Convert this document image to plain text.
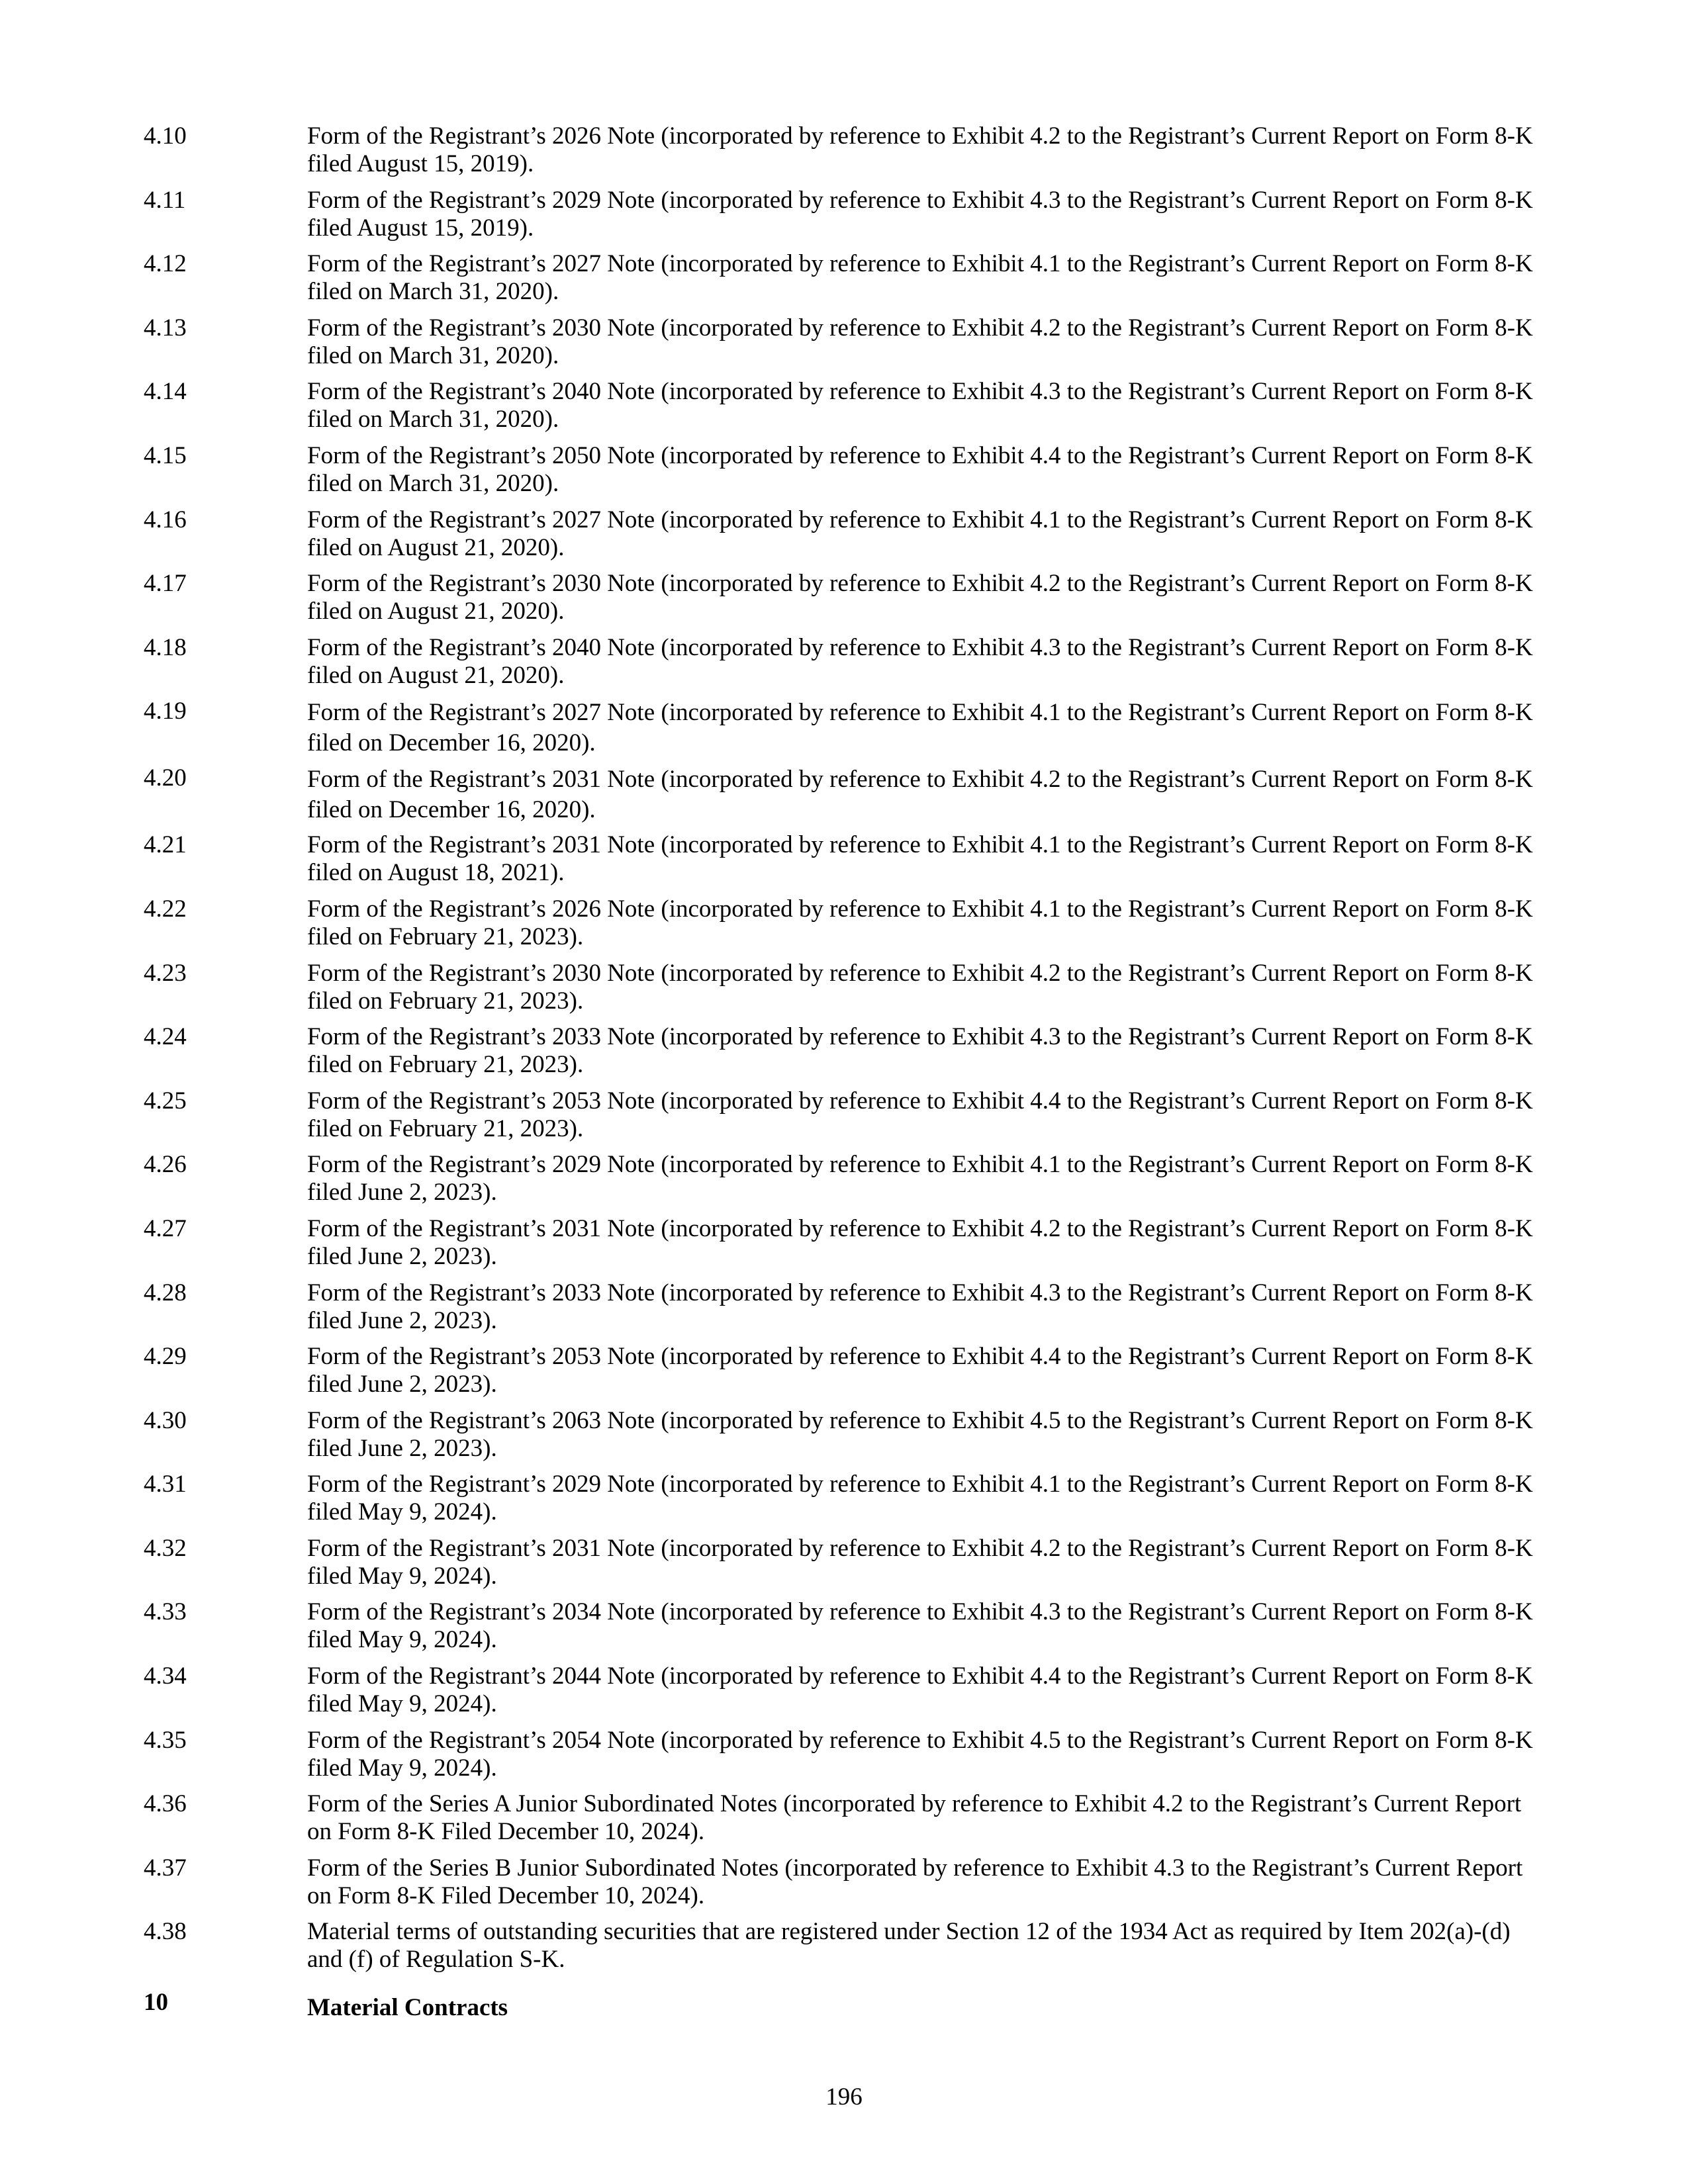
4.10	Form of the Registrant’s 2026 Note (incorporated by reference to Exhibit 4.2 to the Registrant’s Current Report on Form 8-K filed August 15, 2019).
4.11	Form of the Registrant’s 2029 Note (incorporated by reference to Exhibit 4.3 to the Registrant’s Current Report on Form 8-K filed August 15, 2019).
4.12	Form of the Registrant’s 2027 Note (incorporated by reference to Exhibit 4.1 to the Registrant’s Current Report on Form 8-K filed on March 31, 2020).
4.13	Form of the Registrant’s 2030 Note (incorporated by reference to Exhibit 4.2 to the Registrant’s Current Report on Form 8-K filed on March 31, 2020).
4.14	Form of the Registrant’s 2040 Note (incorporated by reference to Exhibit 4.3 to the Registrant’s Current Report on Form 8-K filed on March 31, 2020).
4.15	Form of the Registrant’s 2050 Note (incorporated by reference to Exhibit 4.4 to the Registrant’s Current Report on Form 8-K filed on March 31, 2020).
4.16	Form of the Registrant’s 2027 Note (incorporated by reference to Exhibit 4.1 to the Registrant’s Current Report on Form 8-K filed on August 21, 2020).
4.17	Form of the Registrant’s 2030 Note (incorporated by reference to Exhibit 4.2 to the Registrant’s Current Report on Form 8-K filed on August 21, 2020).
4.18	Form of the Registrant’s 2040 Note (incorporated by reference to Exhibit 4.3 to the Registrant’s Current Report on Form 8-K filed on August 21, 2020).
4.19	Form of the Registrant’s 2027 Note (incorporated by reference to Exhibit 4.1 to the Registrant’s Current Report on Form 8-K filed on December 16, 2020).
4.20	Form of the Registrant’s 2031 Note (incorporated by reference to Exhibit 4.2 to the Registrant’s Current Report on Form 8-K filed on December 16, 2020).
4.21	Form of the Registrant’s 2031 Note (incorporated by reference to Exhibit 4.1 to the Registrant’s Current Report on Form 8-K filed on August 18, 2021).
4.22	Form of the Registrant’s 2026 Note (incorporated by reference to Exhibit 4.1 to the Registrant’s Current Report on Form 8-K filed on February 21, 2023).
4.23	Form of the Registrant’s 2030 Note (incorporated by reference to Exhibit 4.2 to the Registrant’s Current Report on Form 8-K filed on February 21, 2023).
4.24	Form of the Registrant’s 2033 Note (incorporated by reference to Exhibit 4.3 to the Registrant’s Current Report on Form 8-K filed on February 21, 2023).
4.25	Form of the Registrant’s 2053 Note (incorporated by reference to Exhibit 4.4 to the Registrant’s Current Report on Form 8-K filed on February 21, 2023).
4.26	Form of the Registrant’s 2029 Note (incorporated by reference to Exhibit 4.1 to the Registrant’s Current Report on Form 8-K filed June 2, 2023).
4.27	Form of the Registrant’s 2031 Note (incorporated by reference to Exhibit 4.2 to the Registrant’s Current Report on Form 8-K filed June 2, 2023).
4.28	Form of the Registrant’s 2033 Note (incorporated by reference to Exhibit 4.3 to the Registrant’s Current Report on Form 8-K filed June 2, 2023).
4.29	Form of the Registrant’s 2053 Note (incorporated by reference to Exhibit 4.4 to the Registrant’s Current Report on Form 8-K filed June 2, 2023).
4.30	Form of the Registrant’s 2063 Note (incorporated by reference to Exhibit 4.5 to the Registrant’s Current Report on Form 8-K filed June 2, 2023).
4.31	Form of the Registrant’s 2029 Note (incorporated by reference to Exhibit 4.1 to the Registrant’s Current Report on Form 8-K filed May 9, 2024).
4.32	Form of the Registrant’s 2031 Note (incorporated by reference to Exhibit 4.2 to the Registrant’s Current Report on Form 8-K filed May 9, 2024).
4.33	Form of the Registrant’s 2034 Note (incorporated by reference to Exhibit 4.3 to the Registrant’s Current Report on Form 8-K filed May 9, 2024).
4.34	Form of the Registrant’s 2044 Note (incorporated by reference to Exhibit 4.4 to the Registrant’s Current Report on Form 8-K filed May 9, 2024).
4.35	Form of the Registrant’s 2054 Note (incorporated by reference to Exhibit 4.5 to the Registrant’s Current Report on Form 8-K filed May 9, 2024).
4.36	Form of the Series A Junior Subordinated Notes (incorporated by reference to Exhibit 4.2 to the Registrant’s Current Report on Form 8-K Filed December 10, 2024).
4.37	Form of the Series B Junior Subordinated Notes (incorporated by reference to Exhibit 4.3 to the Registrant’s Current Report on Form 8-K Filed December 10, 2024).
4.38	Material terms of outstanding securities that are registered under Section 12 of the 1934 Act as required by Item 202(a)-(d) and (f) of Regulation S-K.
10	Material Contracts
196
